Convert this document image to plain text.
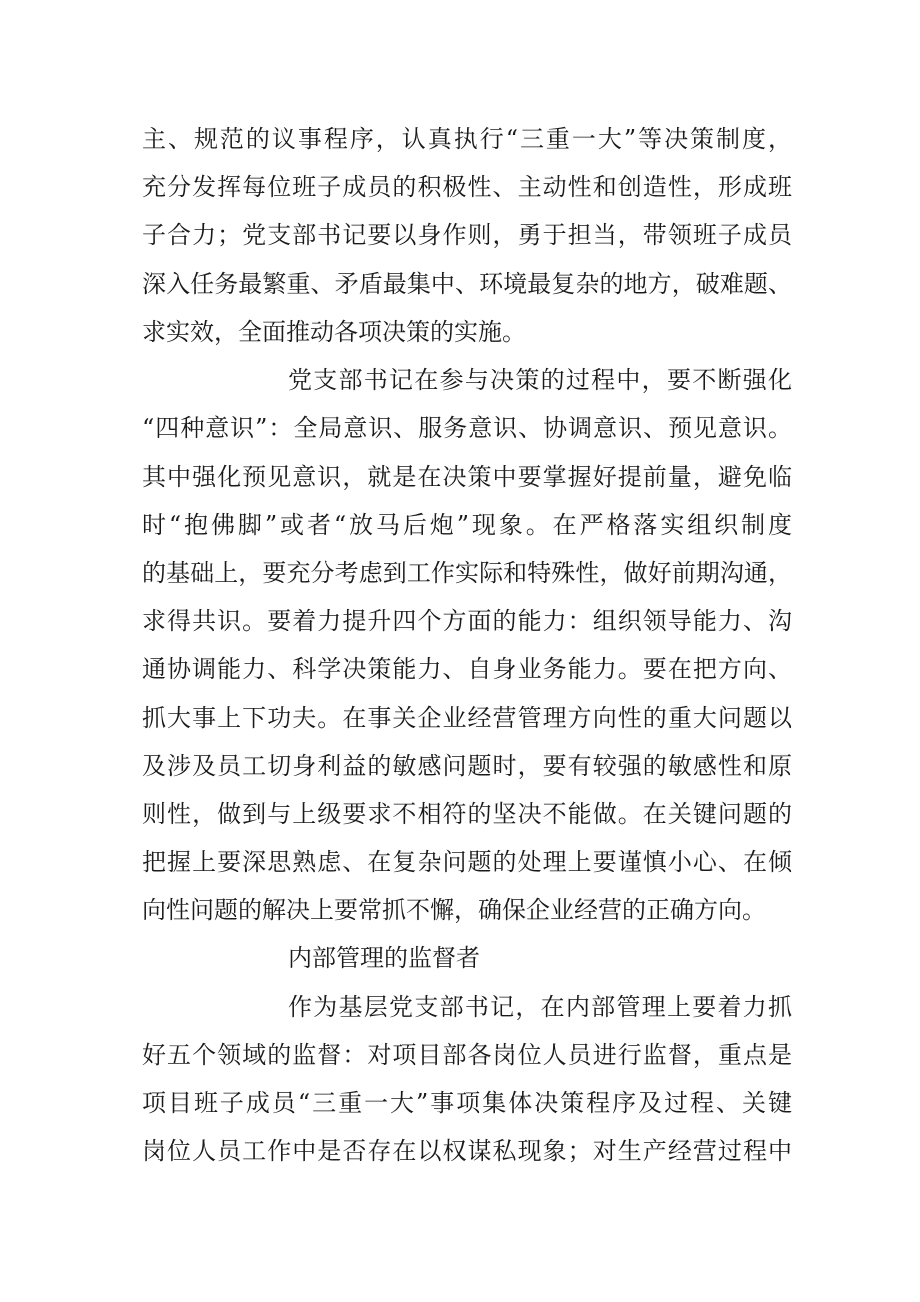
主、规范的议事程序，认真执行“三重一大”等决策制度，
充分发挥每位班子成员的积极性、主动性和创造性，形成班
子合力；党支部书记要以身作则，勇于担当，带领班子成员
深入任务最繁重、矛盾最集中、环境最复杂的地方，破难题、
求实效，全面推动各项决策的实施。
党支部书记在参与决策的过程中，要不断强化
“四种意识”：全局意识、服务意识、协调意识、预见意识。
其中强化预见意识，就是在决策中要掌握好提前量，避免临
时“抱佛脚”或者“放马后炮”现象。在严格落实组织制度
的基础上，要充分考虑到工作实际和特殊性，做好前期沟通，
求得共识。要着力提升四个方面的能力：组织领导能力、沟
通协调能力、科学决策能力、自身业务能力。要在把方向、
抓大事上下功夫。在事关企业经营管理方向性的重大问题以
及涉及员工切身利益的敏感问题时，要有较强的敏感性和原
则性，做到与上级要求不相符的坚决不能做。在关键问题的
把握上要深思熟虑、在复杂问题的处理上要谨慎小心、在倾
向性问题的解决上要常抓不懈，确保企业经营的正确方向。
内部管理的监督者
作为基层党支部书记，在内部管理上要着力抓
好五个领域的监督：对项目部各岗位人员进行监督，重点是
项目班子成员“三重一大”事项集体决策程序及过程、关键
岗位人员工作中是否存在以权谋私现象；对生产经营过程中
